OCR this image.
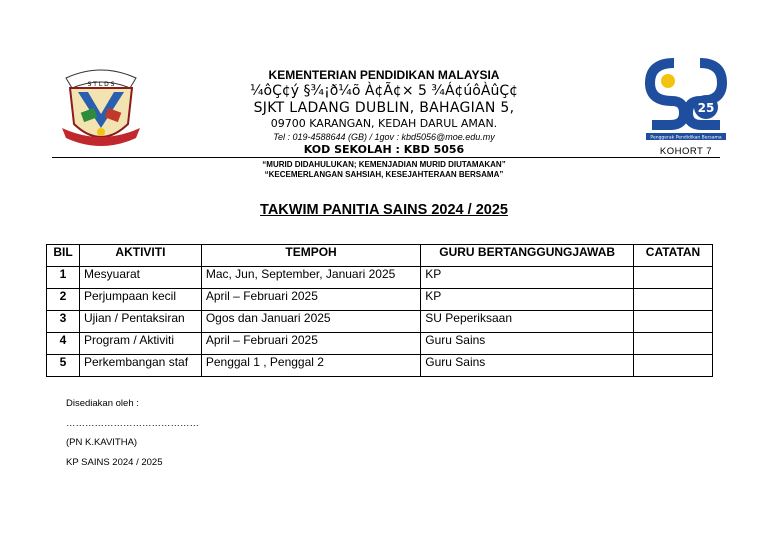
S T L D S
KEMENTERIAN PENDIDIKAN MALAYSIA
¼ôÇ¢ý §¾¡ð¼õ À¢Ã¢× 5 ¾Á¢úôÀûÇ¢
SJKT LADANG DUBLIN, BAHAGIAN 5,
09700 KARANGAN, KEDAH DARUL AMAN.
Tel : 019-4588644 (GB) / 1gov : kbd5056@moe.edu.my
KOD SEKOLAH : KBD 5056
25
Penggerak Pendidikan Bersama
KOHORT 7
“MURID DIDAHULUKAN; KEMENJADIAN MURID DIUTAMAKAN”
“KECEMERLANGAN SAHSIAH, KESEJAHTERAAN BERSAMA”
TAKWIM PANITIA SAINS 2024 / 2025
BIL	AKTIVITI	TEMPOH	GURU BERTANGGUNGJAWAB	CATATAN
1	Mesyuarat	Mac, Jun, September, Januari 2025	KP	
2	Perjumpaan kecil	April – Februari 2025	KP	
3	Ujian / Pentaksiran	Ogos dan Januari 2025	SU Peperiksaan	
4	Program / Aktiviti	April – Februari 2025	Guru Sains	
5	Perkembangan staf	Penggal 1 , Penggal 2	Guru Sains	
Disediakan oleh :
……………………………………
(PN K.KAVITHA)
KP SAINS 2024 / 2025
